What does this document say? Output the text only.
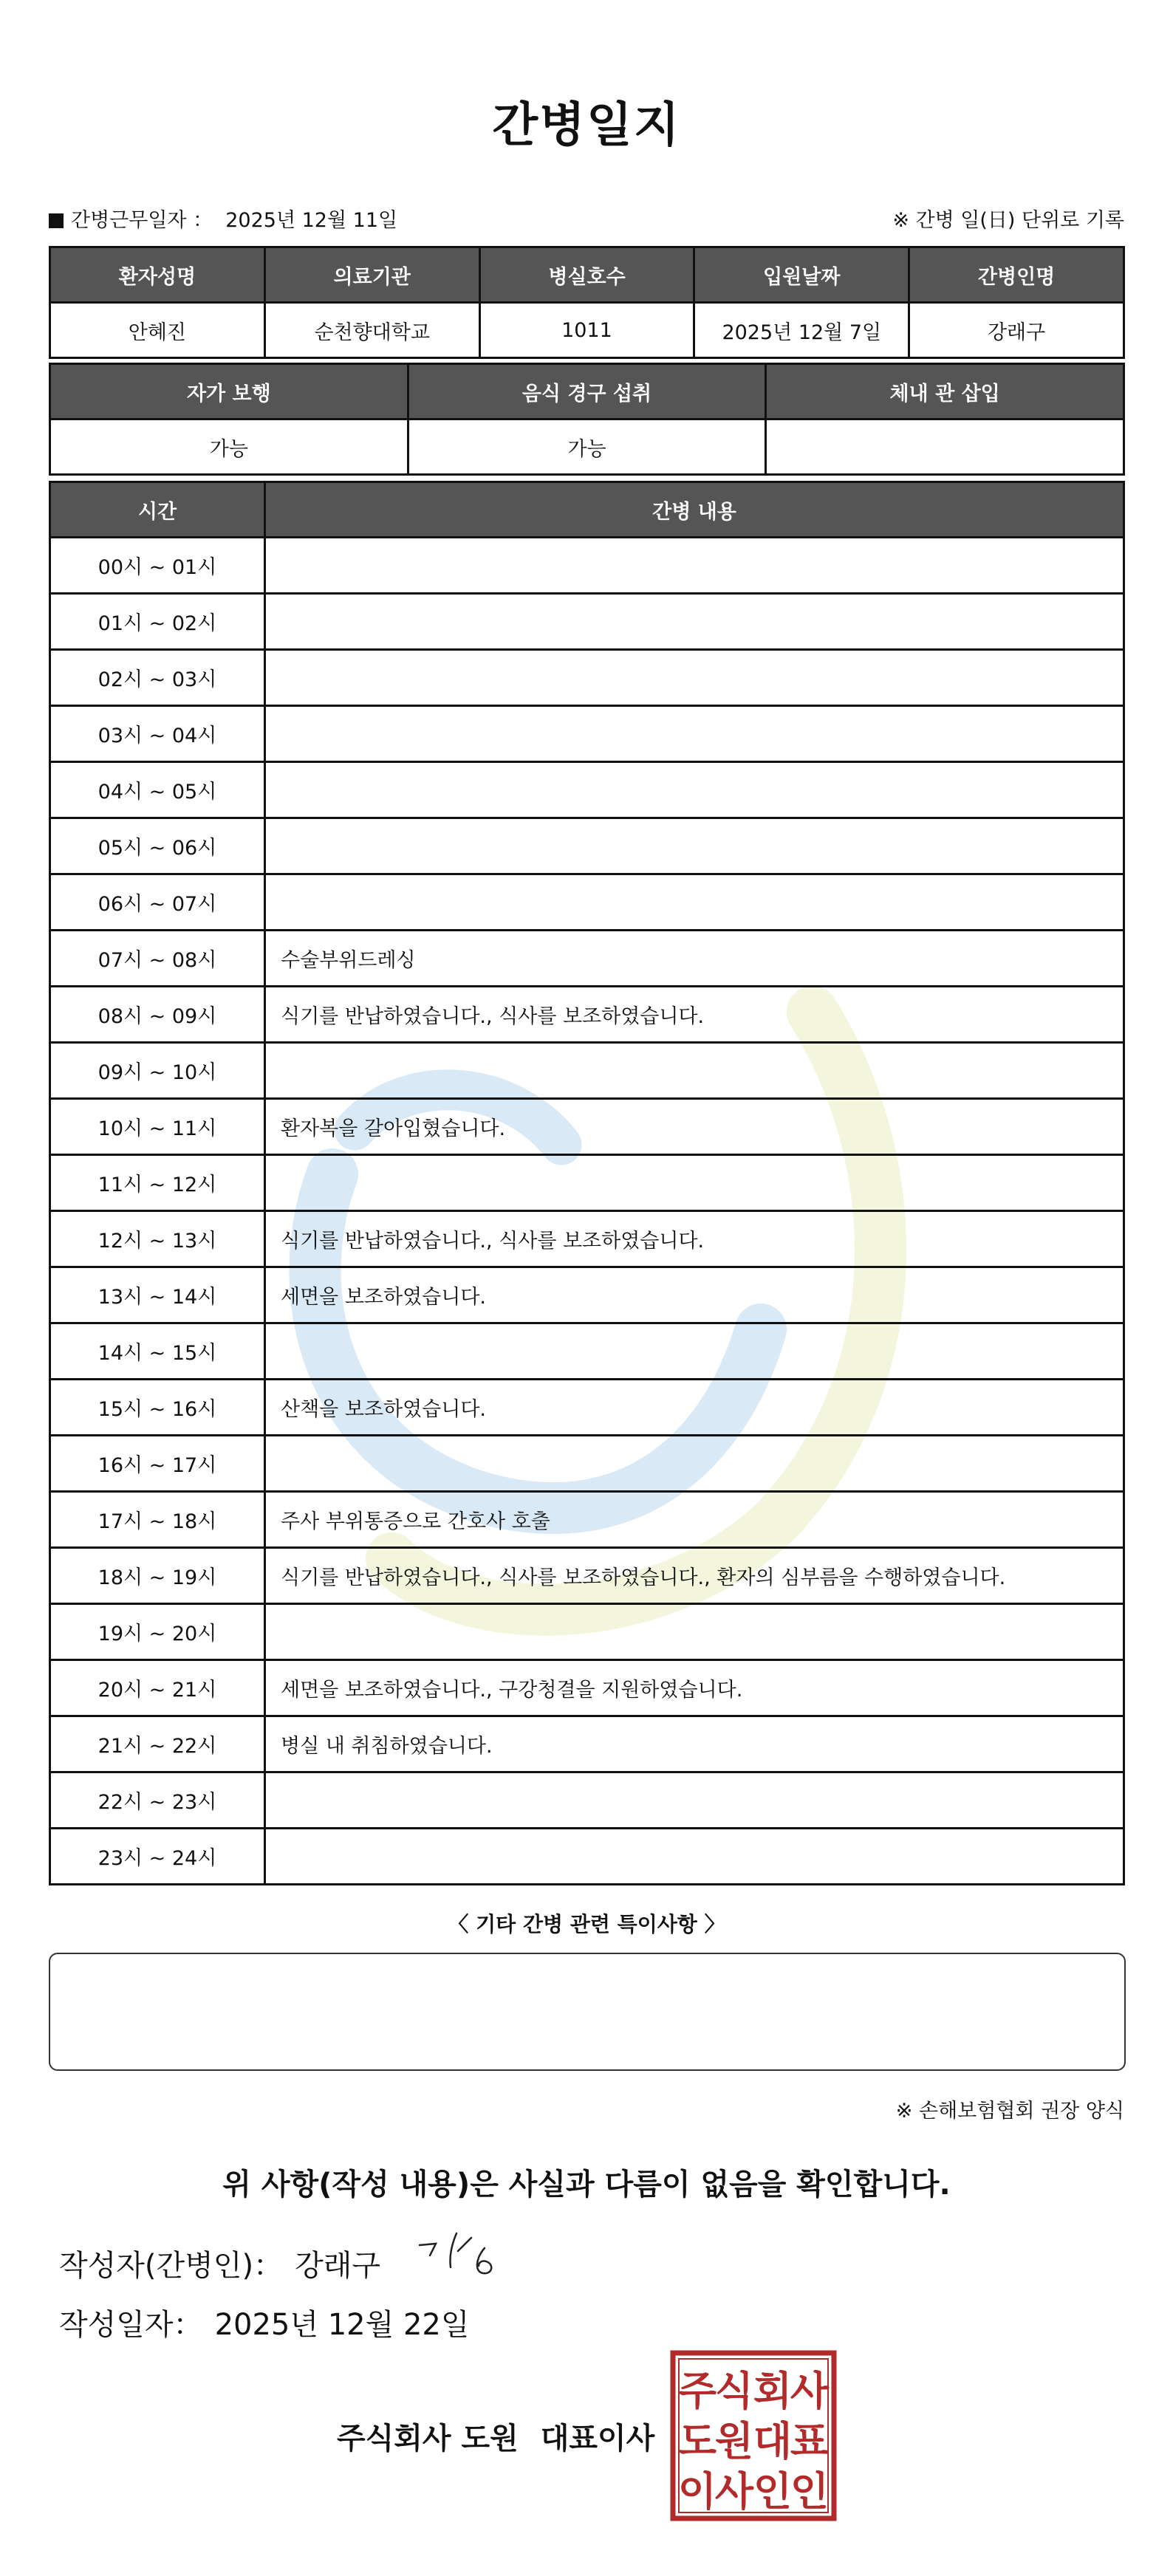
간병일지
간병근무일자 ： 2025년 12월 11일	※ 간병 일(日) 단위로 기록
환자성명	의료기관	병실호수	입원날짜	간병인명
안혜진	순천향대학교	1011	2025년 12월 7일	강래구
자가 보행	음식 경구 섭취	체내 관 삽입
가능	가능	
시간	간병 내용
00시 ~ 01시	
01시 ~ 02시	
02시 ~ 03시	
03시 ~ 04시	
04시 ~ 05시	
05시 ~ 06시	
06시 ~ 07시	
07시 ~ 08시	수술부위드레싱
08시 ~ 09시	식기를 반납하였습니다., 식사를 보조하였습니다.
09시 ~ 10시	
10시 ~ 11시	환자복을 갈아입혔습니다.
11시 ~ 12시	
12시 ~ 13시	식기를 반납하였습니다., 식사를 보조하였습니다.
13시 ~ 14시	세면을 보조하였습니다.
14시 ~ 15시	
15시 ~ 16시	산책을 보조하였습니다.
16시 ~ 17시	
17시 ~ 18시	주사 부위통증으로 간호사 호출
18시 ~ 19시	식기를 반납하였습니다., 식사를 보조하였습니다., 환자의 심부름을 수행하였습니다.
19시 ~ 20시	
20시 ~ 21시	세면을 보조하였습니다., 구강청결을 지원하였습니다.
21시 ~ 22시	병실 내 취침하였습니다.
22시 ~ 23시	
23시 ~ 24시	
〈 기타 간병 관련 특이사항 〉
※ 손해보험협회 권장 양식
위 사항(작성 내용)은 사실과 다름이 없음을 확인합니다.
작성자(간병인)： 강래구
작성일자： 2025년 12월 22일
주식회사 도원 대표이사
주
식 회
사
도
원 대
표
이
사 인
인
